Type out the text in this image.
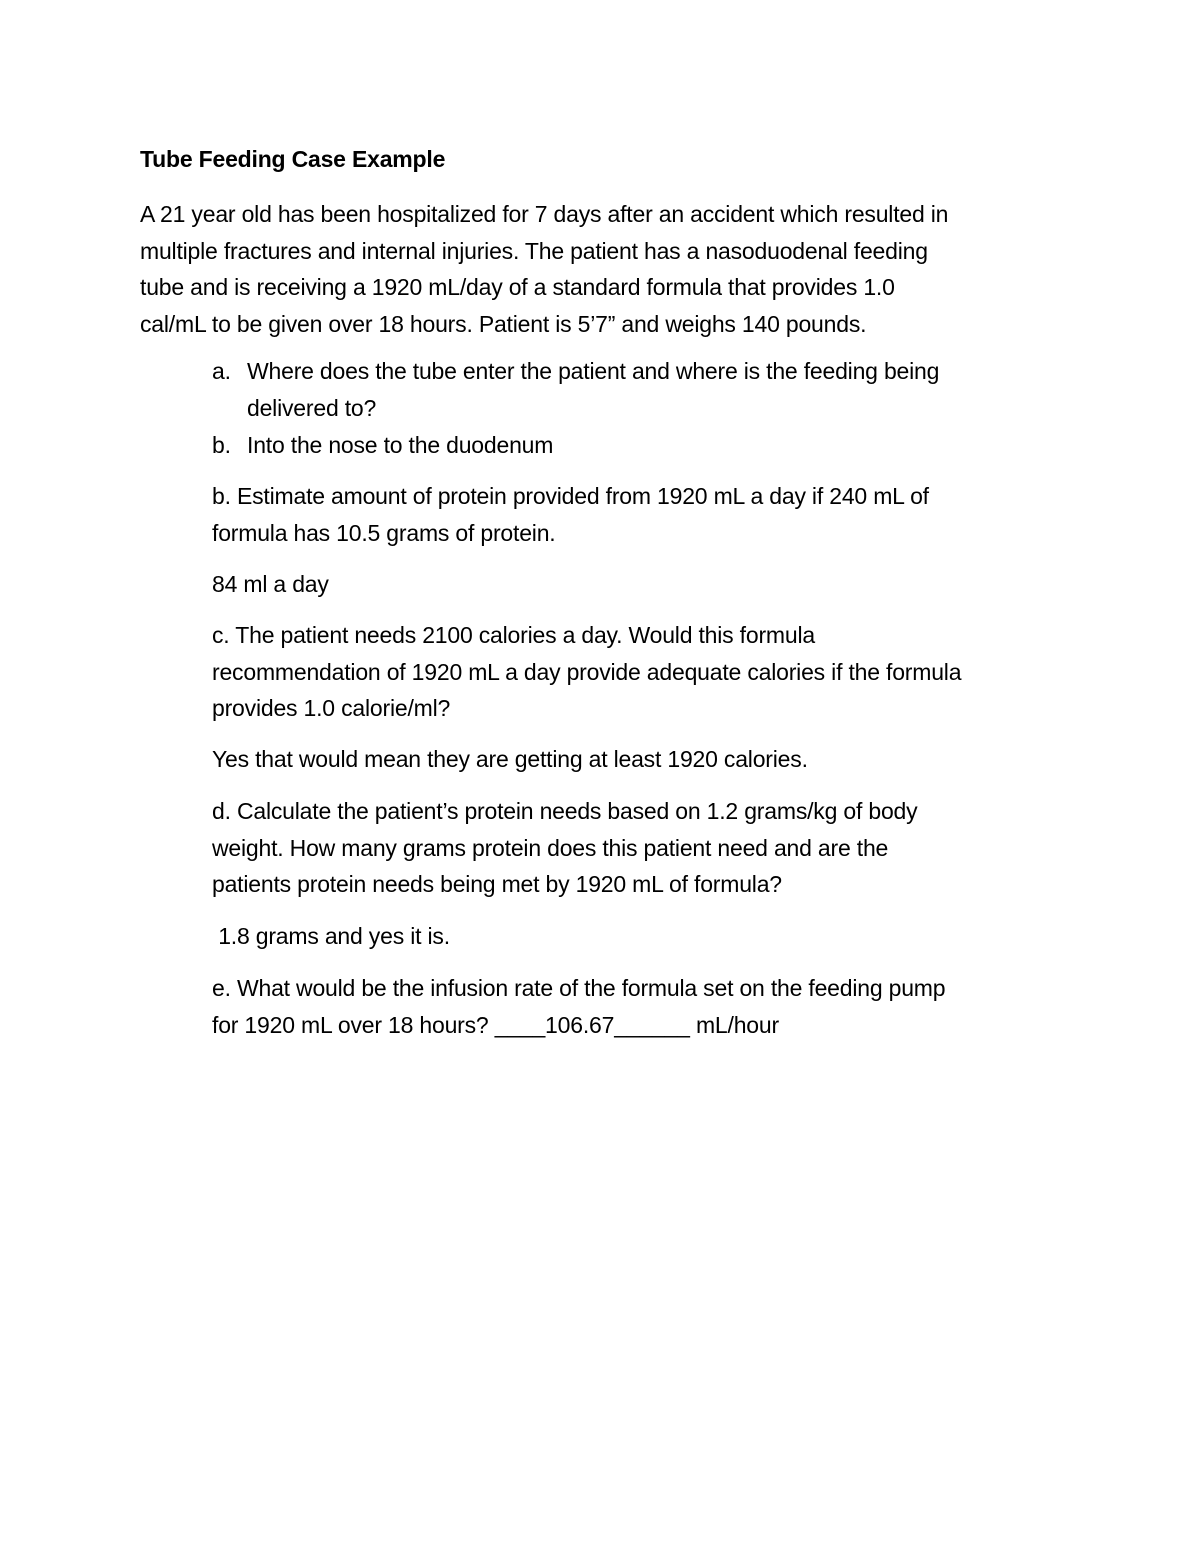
Tube Feeding Case Example
A 21 year old has been hospitalized for 7 days after an accident which resulted in
multiple fractures and internal injuries. The patient has a nasoduodenal feeding
tube and is receiving a 1920 mL/day of a standard formula that provides 1.0
cal/mL to be given over 18 hours. Patient is 5’7” and weighs 140 pounds.
a. Where does the tube enter the patient and where is the feeding being
delivered to?
b. Into the nose to the duodenum
b. Estimate amount of protein provided from 1920 mL a day if 240 mL of
formula has 10.5 grams of protein.
84 ml a day
c. The patient needs 2100 calories a day. Would this formula
recommendation of 1920 mL a day provide adequate calories if the formula
provides 1.0 calorie/ml?
Yes that would mean they are getting at least 1920 calories.
d. Calculate the patient’s protein needs based on 1.2 grams/kg of body
weight. How many grams protein does this patient need and are the
patients protein needs being met by 1920 mL of formula?
1.8 grams and yes it is.
e. What would be the infusion rate of the formula set on the feeding pump
for 1920 mL over 18 hours? ____106.67______ mL/hour
